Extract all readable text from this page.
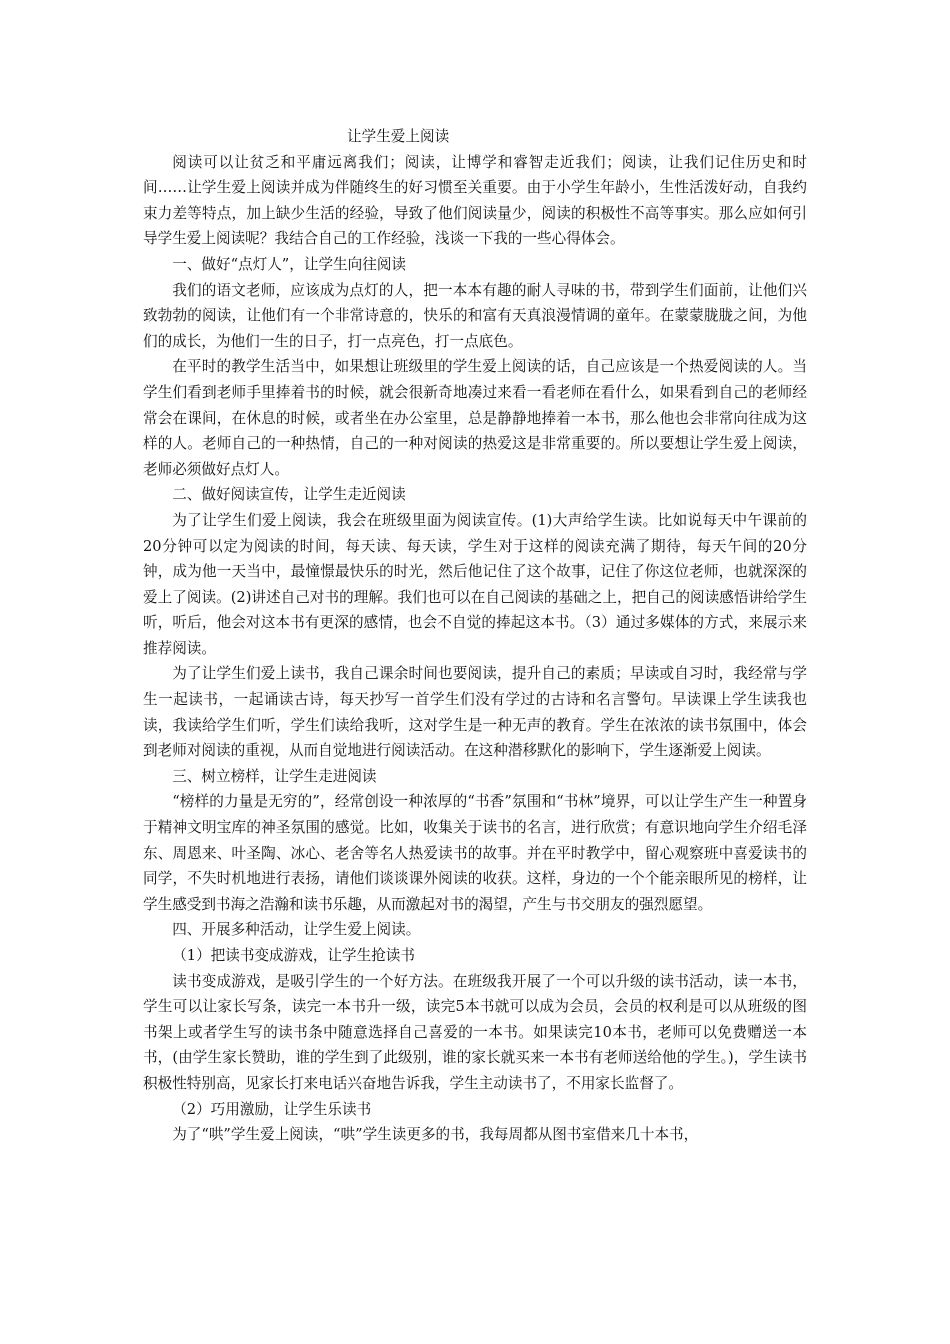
让学生爱上阅读

阅读可以让贫乏和平庸远离我们；阅读，让博学和睿智走近我们；阅读，让我们记住历史和时间……让学生爱上阅读并成为伴随终生的好习惯至关重要。由于小学生年龄小，生性活泼好动，自我约束力差等特点，加上缺少生活的经验，导致了他们阅读量少，阅读的积极性不高等事实。那么应如何引导学生爱上阅读呢？我结合自己的工作经验，浅谈一下我的一些心得体会。

一、做好“点灯人”，让学生向往阅读

我们的语文老师，应该成为点灯的人，把一本本有趣的耐人寻味的书，带到学生们面前，让他们兴致勃勃的阅读，让他们有一个非常诗意的，快乐的和富有天真浪漫情调的童年。在蒙蒙胧胧之间，为他们的成长，为他们一生的日子，打一点亮色，打一点底色。

在平时的教学生活当中，如果想让班级里的学生爱上阅读的话，自己应该是一个热爱阅读的人。当学生们看到老师手里捧着书的时候，就会很新奇地凑过来看一看老师在看什么，如果看到自己的老师经常会在课间，在休息的时候，或者坐在办公室里，总是静静地捧着一本书，那么他也会非常向往成为这样的人。老师自己的一种热情，自己的一种对阅读的热爱这是非常重要的。所以要想让学生爱上阅读，老师必须做好点灯人。

二、做好阅读宣传，让学生走近阅读

为了让学生们爱上阅读，我会在班级里面为阅读宣传。(1)大声给学生读。比如说每天中午课前的20分钟可以定为阅读的时间，每天读、每天读，学生对于这样的阅读充满了期待，每天午间的20分钟，成为他一天当中，最憧憬最快乐的时光，然后他记住了这个故事，记住了你这位老师，也就深深的爱上了阅读。(2)讲述自己对书的理解。我们也可以在自己阅读的基础之上，把自己的阅读感悟讲给学生听，听后，他会对这本书有更深的感情，也会不自觉的捧起这本书。（3）通过多媒体的方式，来展示来推荐阅读。

为了让学生们爱上读书，我自己课余时间也要阅读，提升自己的素质；早读或自习时，我经常与学生一起读书，一起诵读古诗，每天抄写一首学生们没有学过的古诗和名言警句。早读课上学生读我也读，我读给学生们听，学生们读给我听，这对学生是一种无声的教育。学生在浓浓的读书氛围中，体会到老师对阅读的重视，从而自觉地进行阅读活动。在这种潜移默化的影响下，学生逐渐爱上阅读。

三、树立榜样，让学生走进阅读

“榜样的力量是无穷的”，经常创设一种浓厚的“书香”氛围和“书林”境界，可以让学生产生一种置身于精神文明宝库的神圣氛围的感觉。比如，收集关于读书的名言，进行欣赏；有意识地向学生介绍毛泽东、周恩来、叶圣陶、冰心、老舍等名人热爱读书的故事。并在平时教学中，留心观察班中喜爱读书的同学，不失时机地进行表扬，请他们谈谈课外阅读的收获。这样，身边的一个个能亲眼所见的榜样，让学生感受到书海之浩瀚和读书乐趣，从而激起对书的渴望，产生与书交朋友的强烈愿望。

四、开展多种活动，让学生爱上阅读。

（1）把读书变成游戏，让学生抢读书

读书变成游戏，是吸引学生的一个好方法。在班级我开展了一个可以升级的读书活动，读一本书，学生可以让家长写条，读完一本书升一级，读完5本书就可以成为会员，会员的权利是可以从班级的图书架上或者学生写的读书条中随意选择自己喜爱的一本书。如果读完10本书，老师可以免费赠送一本书，(由学生家长赞助，谁的学生到了此级别，谁的家长就买来一本书有老师送给他的学生。)，学生读书积极性特别高，见家长打来电话兴奋地告诉我，学生主动读书了，不用家长监督了。

（2）巧用激励，让学生乐读书

为了“哄”学生爱上阅读，“哄”学生读更多的书，我每周都从图书室借来几十本书，
